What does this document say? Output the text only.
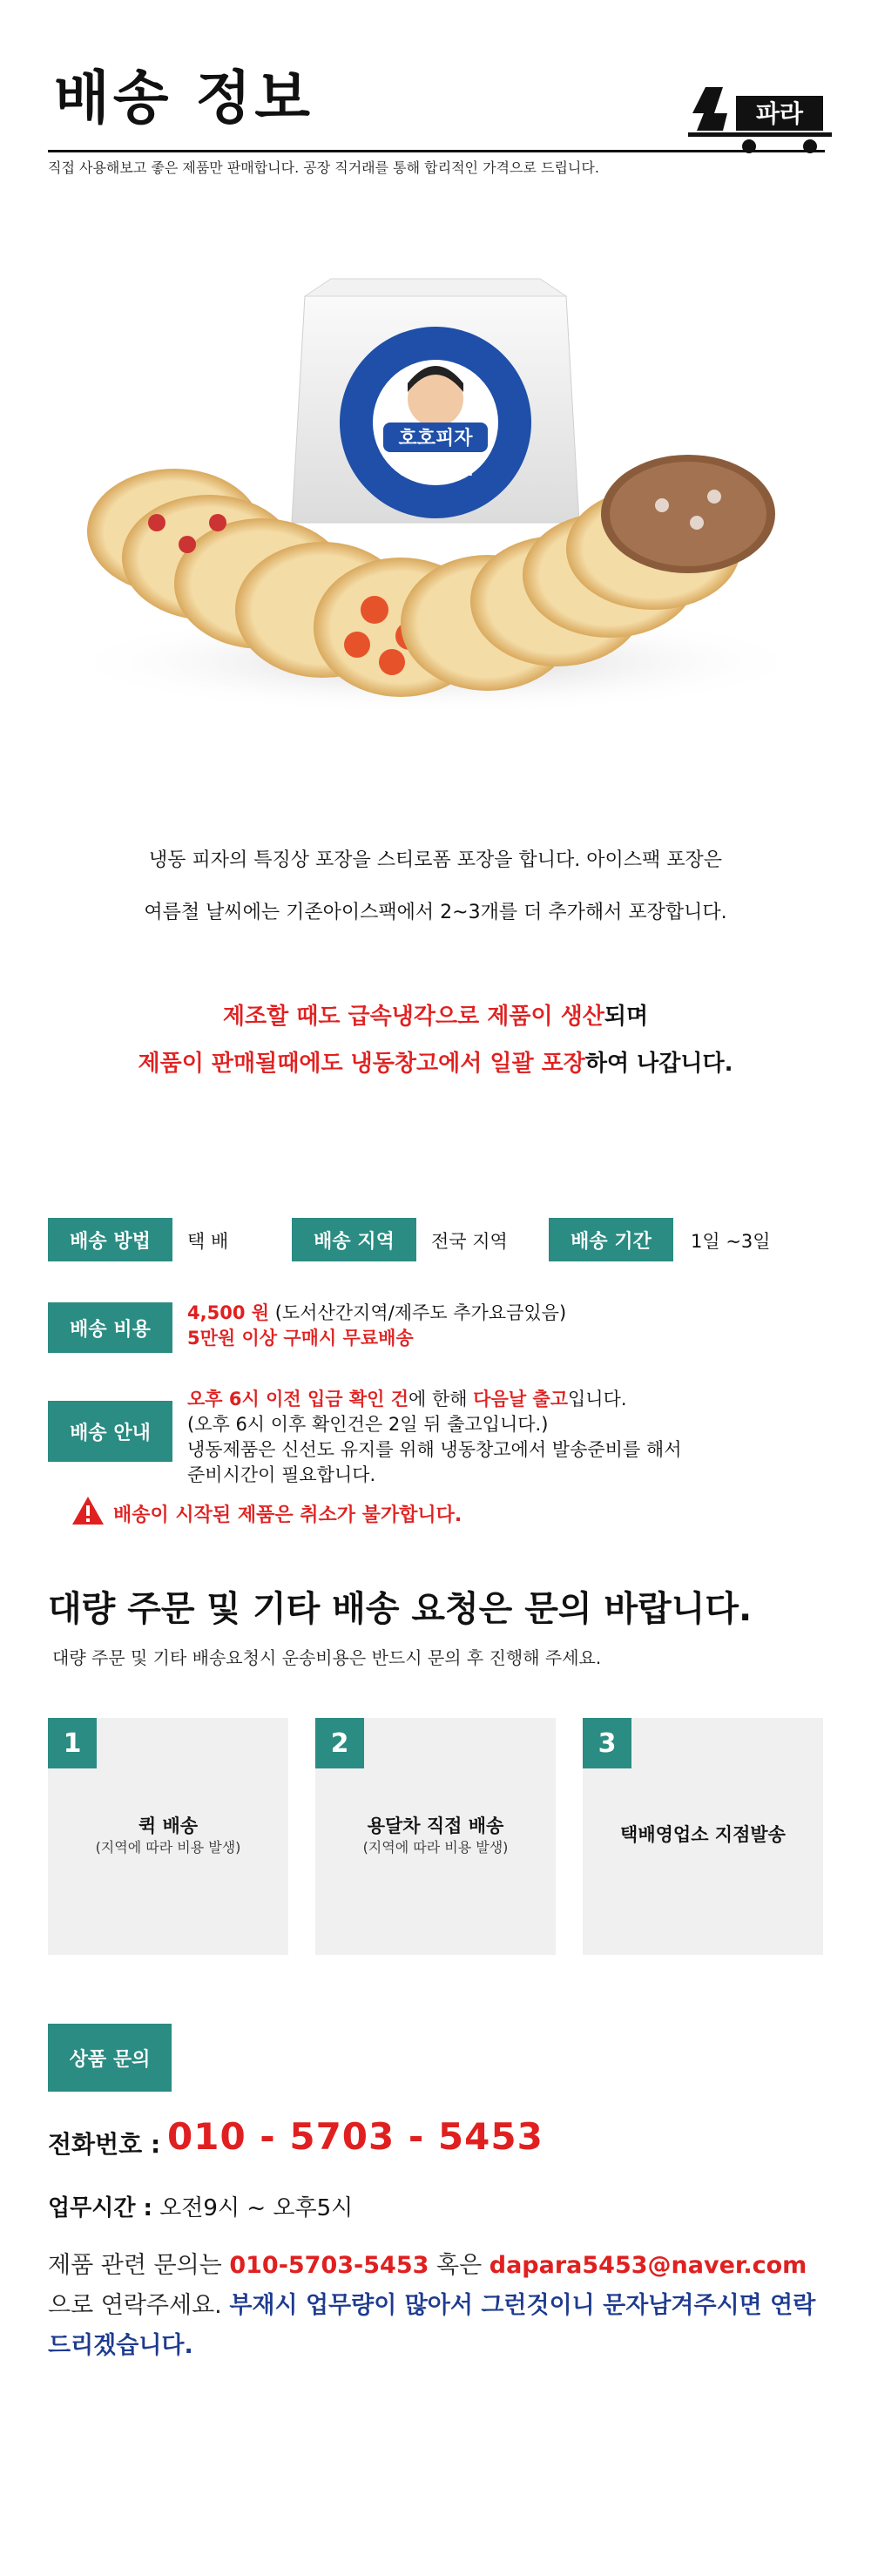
배송 정보	파라
직접 사용해보고 좋은 제품만 판매합니다. 공장 직거래를 통해 합리적인 가격으로 드립니다.
호호피자
Thin Pizza
냉동 피자의 특징상 포장을 스티로폼 포장을 합니다. 아이스팩 포장은
여름철 날씨에는 기존아이스팩에서 2~3개를 더 추가해서 포장합니다.
제조할 때도 급속냉각으로 제품이 생산되며
제품이 판매될때에도 냉동창고에서 일괄 포장하여 나갑니다.
배송 방법	택 배	배송 지역	전국 지역	배송 기간	1일 ~3일
배송 비용
4,500 원 (도서산간지역/제주도 추가요금있음)
5만원 이상 구매시 무료배송
배송 안내
오후 6시 이전 입금 확인 건에 한해 다음날 출고입니다.
(오후 6시 이후 확인건은 2일 뒤 출고입니다.)
냉동제품은 신선도 유지를 위해 냉동창고에서 발송준비를 해서
준비시간이 필요합니다.
배송이 시작된 제품은 취소가 불가합니다.
대량 주문 및 기타 배송 요청은 문의 바랍니다.
대량 주문 및 기타 배송요청시 운송비용은 반드시 문의 후 진행해 주세요.
1
퀵 배송
(지역에 따라 비용 발생)
2
용달차 직접 배송
(지역에 따라 비용 발생)
3
택배영업소 지점발송
상품 문의
전화번호 : 010 - 5703 - 5453
업무시간 : 오전9시 ~ 오후5시
제품 관련 문의는 010-5703-5453 혹은 dapara5453@naver.com 으로 연락주세요. 부재시 업무량이 많아서 그런것이니 문자남겨주시면 연락드리겠습니다.
